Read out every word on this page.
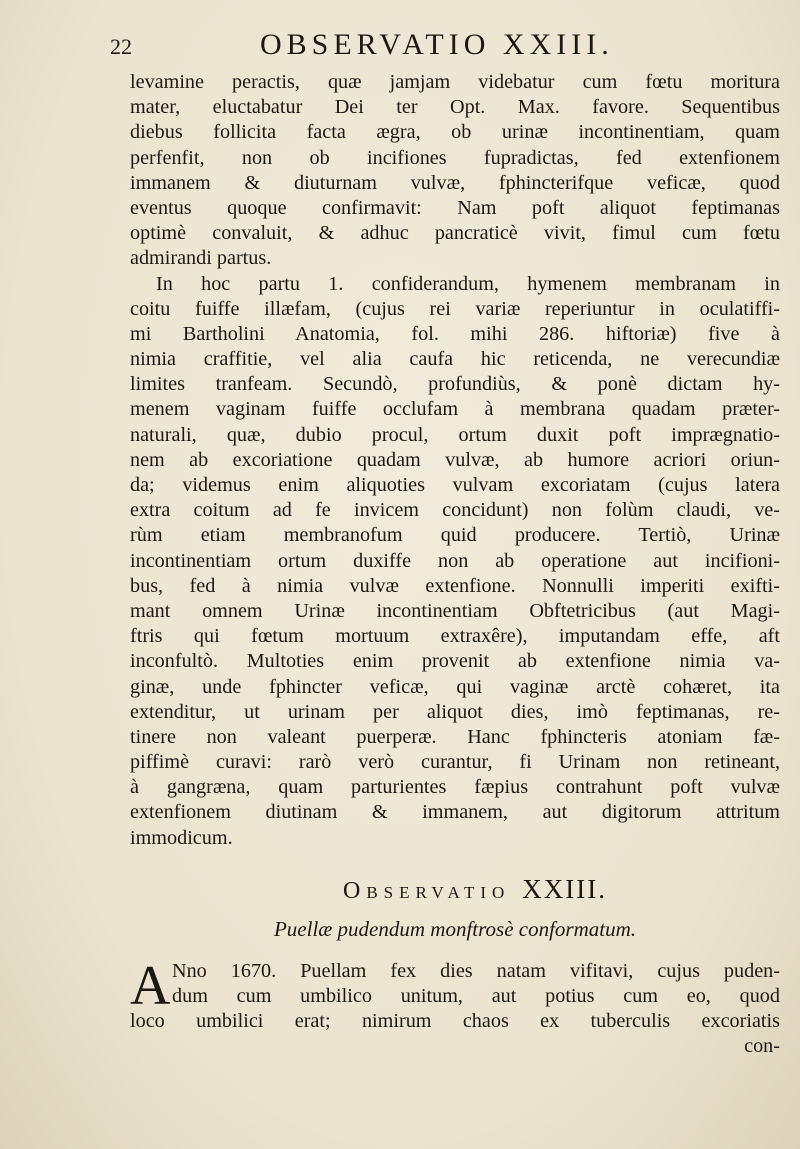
22	OBSERVATIO XXIII.
levamine peractis, quæ jamjam videbatur cum fœtu moritura
mater, eluctabatur Dei ter Opt. Max. favore. Sequentibus
diebus follicita facta ægra, ob urinæ incontinentiam, quam
perfenfit, non ob incifiones fupradictas, fed extenfionem
immanem & diuturnam vulvæ, fphincterifque veficæ, quod
eventus quoque confirmavit: Nam poft aliquot feptimanas
optimè convaluit, & adhuc pancraticè vivit, fimul cum fœtu
admirandi partus.
In hoc partu 1. confiderandum, hymenem membranam in
coitu fuiffe illæfam, (cujus rei variæ reperiuntur in oculatiffi-
mi Bartholini Anatomia, fol. mihi 286. hiftoriæ) five à
nimia craffitie, vel alia caufa hic reticenda, ne verecundiæ
limites tranfeam. Secundò, profundiùs, & ponè dictam hy-
menem vaginam fuiffe occlufam à membrana quadam præter-
naturali, quæ, dubio procul, ortum duxit poft imprægnatio-
nem ab excoriatione quadam vulvæ, ab humore acriori oriun-
da; videmus enim aliquoties vulvam excoriatam (cujus latera
extra coitum ad fe invicem concidunt) non folùm claudi, ve-
rùm etiam membranofum quid producere. Tertiò, Urinæ
incontinentiam ortum duxiffe non ab operatione aut incifioni-
bus, fed à nimia vulvæ extenfione. Nonnulli imperiti exifti-
mant omnem Urinæ incontinentiam Obftetricibus (aut Magi-
ftris qui fœtum mortuum extraxêre), imputandam effe, aft
inconfultò. Multoties enim provenit ab extenfione nimia va-
ginæ, unde fphincter veficæ, qui vaginæ arctè cohæret, ita
extenditur, ut urinam per aliquot dies, imò feptimanas, re-
tinere non valeant puerperæ. Hanc fphincteris atoniam fæ-
piffimè curavi: rarò verò curantur, fi Urinam non retineant,
à gangræna, quam parturientes fæpius contrahunt poft vulvæ
extenfionem diutinam & immanem, aut digitorum attritum
immodicum.
Observatio XXIII.
Puellæ pudendum monftrosè conformatum.
A Nno 1670. Puellam fex dies natam vifitavi, cujus puden-
dum cum umbilico unitum, aut potius cum eo, quod
loco umbilici erat; nimirum chaos ex tuberculis excoriatis
con-
